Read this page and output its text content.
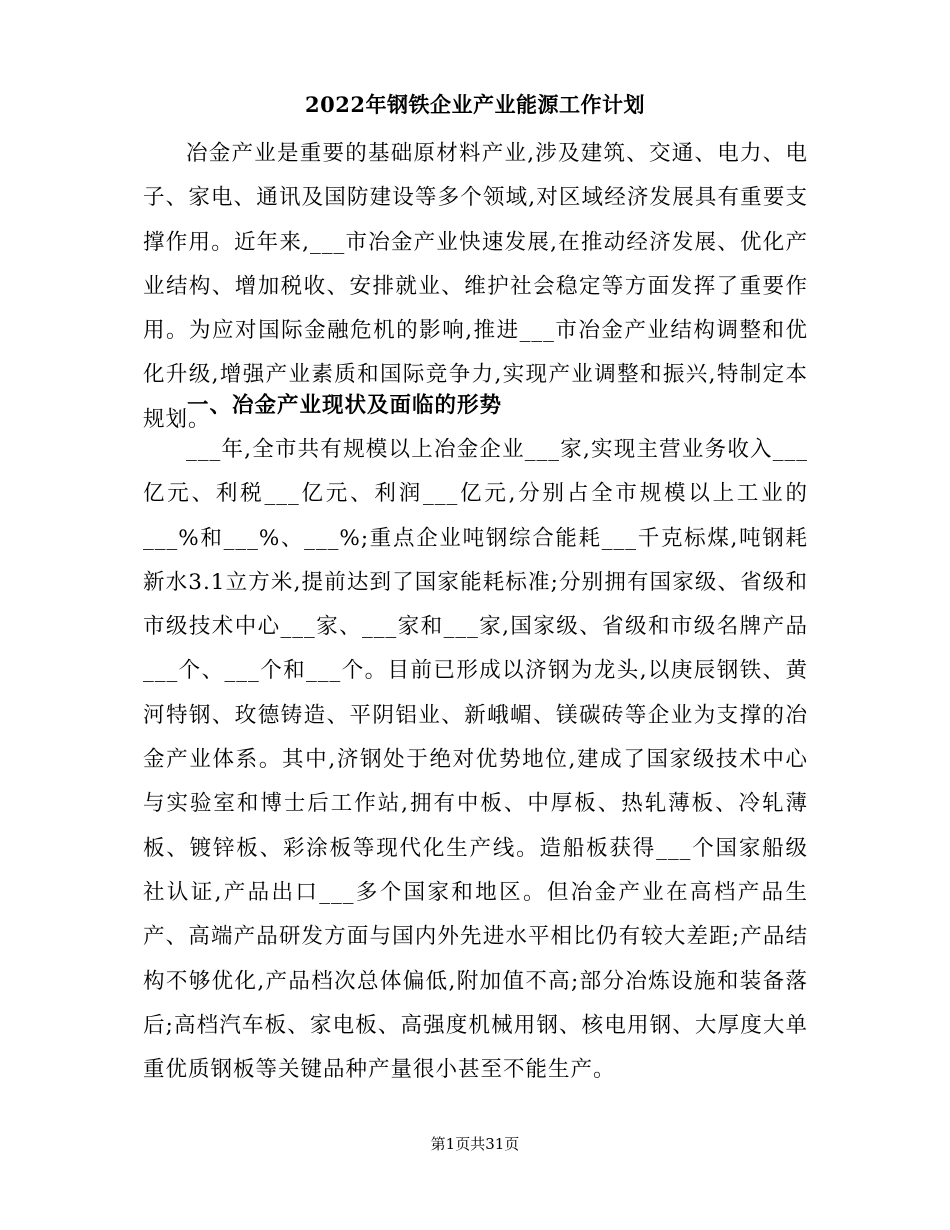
2022年钢铁企业产业能源工作计划

冶金产业是重要的基础原材料产业,涉及建筑、交通、电力、电子、家电、通讯及国防建设等多个领域,对区域经济发展具有重要支撑作用。近年来,___市冶金产业快速发展,在推动经济发展、优化产业结构、增加税收、安排就业、维护社会稳定等方面发挥了重要作用。为应对国际金融危机的影响,推进___市冶金产业结构调整和优化升级,增强产业素质和国际竞争力,实现产业调整和振兴,特制定本规划。

一、冶金产业现状及面临的形势

___年,全市共有规模以上冶金企业___家,实现主营业务收入___亿元、利税___亿元、利润___亿元,分别占全市规模以上工业的___%和___%、___%;重点企业吨钢综合能耗___千克标煤,吨钢耗新水3.1立方米,提前达到了国家能耗标准;分别拥有国家级、省级和市级技术中心___家、___家和___家,国家级、省级和市级名牌产品___个、___个和___个。目前已形成以济钢为龙头,以庚辰钢铁、黄河特钢、玫德铸造、平阴铝业、新峨嵋、镁碳砖等企业为支撑的冶金产业体系。其中,济钢处于绝对优势地位,建成了国家级技术中心与实验室和博士后工作站,拥有中板、中厚板、热轧薄板、冷轧薄板、镀锌板、彩涂板等现代化生产线。造船板获得___个国家船级社认证,产品出口___多个国家和地区。但冶金产业在高档产品生产、高端产品研发方面与国内外先进水平相比仍有较大差距;产品结构不够优化,产品档次总体偏低,附加值不高;部分冶炼设施和装备落后;高档汽车板、家电板、高强度机械用钢、核电用钢、大厚度大单重优质钢板等关键品种产量很小甚至不能生产。

第1页共31页
